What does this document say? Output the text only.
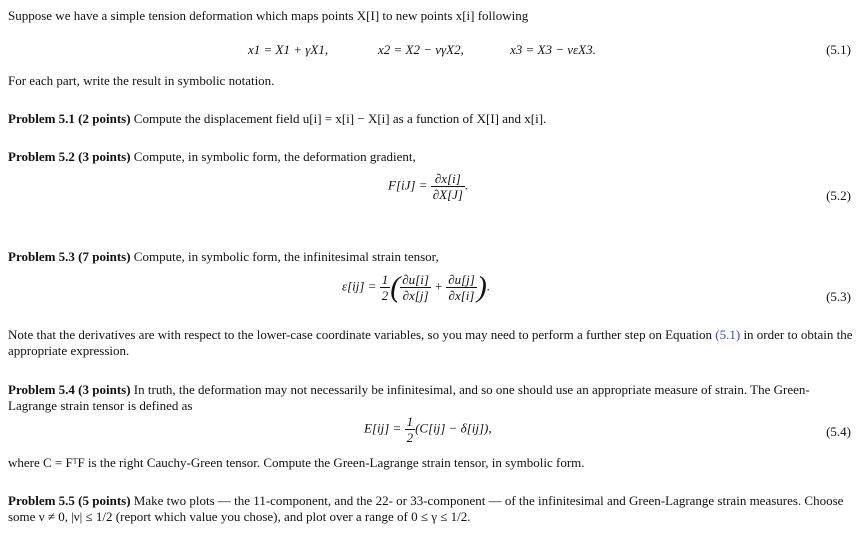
Suppose we have a simple tension deformation which maps points X[I] to new points x[i] following
x1 = X1 + γX1,	x2 = X2 − νγX2,	x3 = X3 − νεX3.	(5.1)
For each part, write the result in symbolic notation.
Problem 5.1 (2 points) Compute the displacement field u[i] = x[i] − X[i] as a function of X[I] and x[i].
Problem 5.2 (3 points) Compute, in symbolic form, the deformation gradient,
$F[iJ] = \frac{\partial x[i]}{\partial X[J]}$ .
(5.2)
Problem 5.3 (7 points) Compute, in symbolic form, the infinitesimal strain tensor,
$\varepsilon[ij] = \frac{1}{2}$ ( $\frac{\partial u[i]}{\partial x[j]} + \frac{\partial u[j]}{\partial x[i]}$ ).
(5.3)
Note that the derivatives are with respect to the lower-case coordinate variables, so you may need to perform a further step on Equation (5.1) in order to obtain the appropriate expression.
Problem 5.4 (3 points) In truth, the deformation may not necessarily be infinitesimal, and so one should use an appropriate measure of strain. The Green-Lagrange strain tensor is defined as
$E[ij] = \frac{1}{2} (C[ij] - \delta[ij])$,	(5.4)
where C = FᵀF is the right Cauchy-Green tensor. Compute the Green-Lagrange strain tensor, in symbolic form.
Problem 5.5 (5 points) Make two plots — the 11-component, and the 22- or 33-component — of the infinitesimal and Green-Lagrange strain measures. Choose some ν ≠ 0, |ν| ≤ 1/2 (report which value you chose), and plot over a range of 0 ≤ γ ≤ 1/2.
